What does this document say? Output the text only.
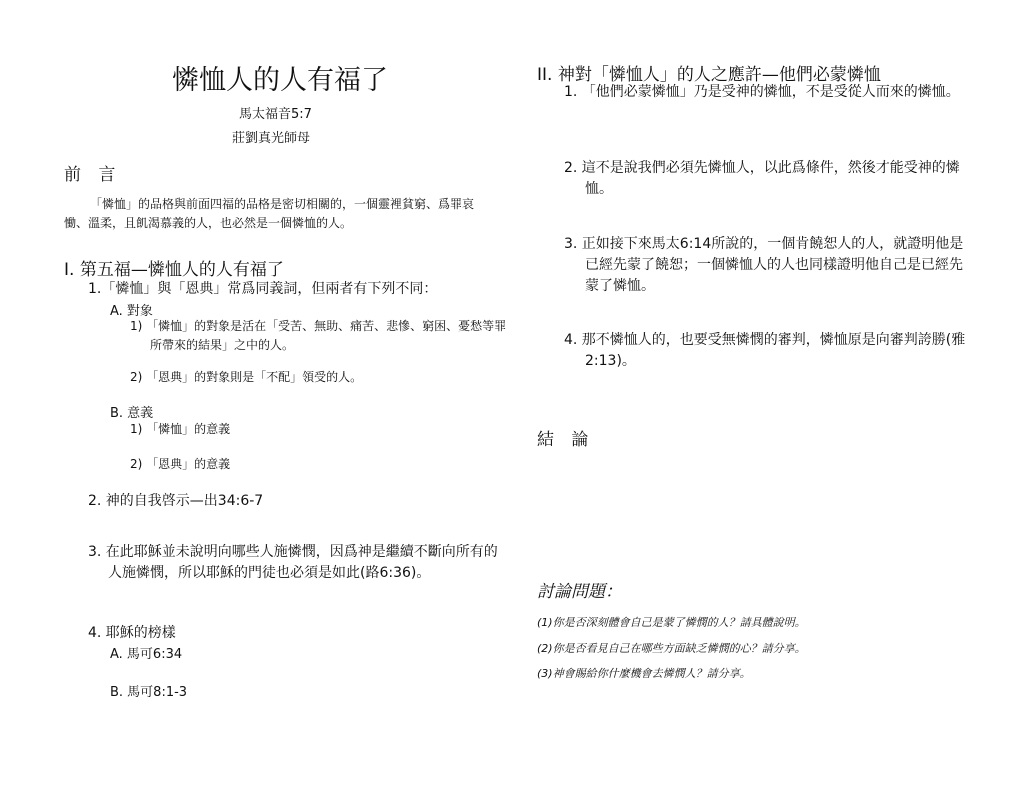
憐恤人的人有福了
馬太福音5:7
莊劉真光師母
前 言
「憐恤」的品格與前面四福的品格是密切相關的，一個靈裡貧窮、爲罪哀慟、溫柔，且飢渴慕義的人，也必然是一個憐恤的人。
I. 第五福—憐恤人的人有福了
1.「憐恤」與「恩典」常爲同義詞，但兩者有下列不同：
A. 對象
1) 「憐恤」的對象是活在「受苦、無助、痛苦、悲慘、窮困、憂愁等罪所帶來的結果」之中的人。
2) 「恩典」的對象則是「不配」領受的人。
B. 意義
1) 「憐恤」的意義
2) 「恩典」的意義
2. 神的自我啓示—出34:6-7
3. 在此耶穌並未說明向哪些人施憐憫，因爲神是繼續不斷向所有的人施憐憫，所以耶穌的門徒也必須是如此(路6:36)。
4. 耶穌的榜樣
A. 馬可6:34
B. 馬可8:1-3
II. 神對「憐恤人」的人之應許—他們必蒙憐恤
1. 「他們必蒙憐恤」乃是受神的憐恤，不是受從人而來的憐恤。
2. 這不是說我們必須先憐恤人，以此爲條件，然後才能受神的憐恤。
3. 正如接下來馬太6:14所說的，一個肯饒恕人的人，就證明他是已經先蒙了饒恕；一個憐恤人的人也同樣證明他自己是已經先蒙了憐恤。
4. 那不憐恤人的，也要受無憐憫的審判，憐恤原是向審判誇勝(雅2:13)。
結 論
討論問題：
(1)你是否深刻體會自己是蒙了憐憫的人？請具體說明。
(2)你是否看見自己在哪些方面缺乏憐憫的心？請分享。
(3)神會賜給你什麼機會去憐憫人？請分享。
